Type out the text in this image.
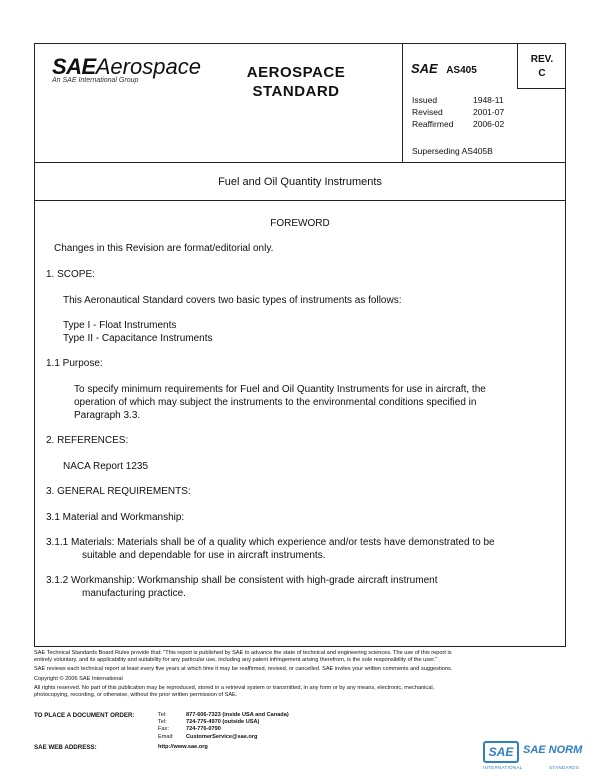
SAEAerospace
An SAE International Group	AEROSPACE
STANDARD
SAE AS405
REV.
C
Issued	1948-11
Revised	2001-07
Reaffirmed 2006-02
Superseding AS405B
Fuel and Oil Quantity Instruments
FOREWORD
Changes in this Revision are format/editorial only.
1. SCOPE:
This Aeronautical Standard covers two basic types of instruments as follows:
Type I - Float Instruments
Type II - Capacitance Instruments
1.1 Purpose:
To specify minimum requirements for Fuel and Oil Quantity Instruments for use in aircraft, the
operation of which may subject the instruments to the environmental conditions specified in
Paragraph 3.3.
2. REFERENCES:
NACA Report 1235
3. GENERAL REQUIREMENTS:
3.1 Material and Workmanship:
3.1.1 Materials: Materials shall be of a quality which experience and/or tests have demonstrated to be
suitable and dependable for use in aircraft instruments.
3.1.2 Workmanship: Workmanship shall be consistent with high-grade aircraft instrument
manufacturing practice.
SAE Technical Standards Board Rules provide that: "This report is published by SAE to advance the state of technical and engineering sciences. The use of this report is
entirely voluntary, and its applicability and suitability for any particular use, including any patent infringement arising therefrom, is the sole responsibility of the user."
SAE reviews each technical report at least every five years at which time it may be reaffirmed, revised, or cancelled. SAE invites your written comments and suggestions.
Copyright © 2006 SAE International
All rights reserved. No part of this publication may be reproduced, stored in a retrieval system or transmitted, in any form or by any means, electronic, mechanical,
photocopying, recording, or otherwise, without the prior written permission of SAE.
TO PLACE A DOCUMENT ORDER:	Tel:	877-606-7323 (inside USA and Canada)
Tel:	724-776-4970 (outside USA)
Fax:	724-776-0790
Email: CustomerService@sae.org
SAE WEB ADDRESS:	http://www.sae.org	SAE SAE NORM
INTERNATIONAL	STANDARDS
